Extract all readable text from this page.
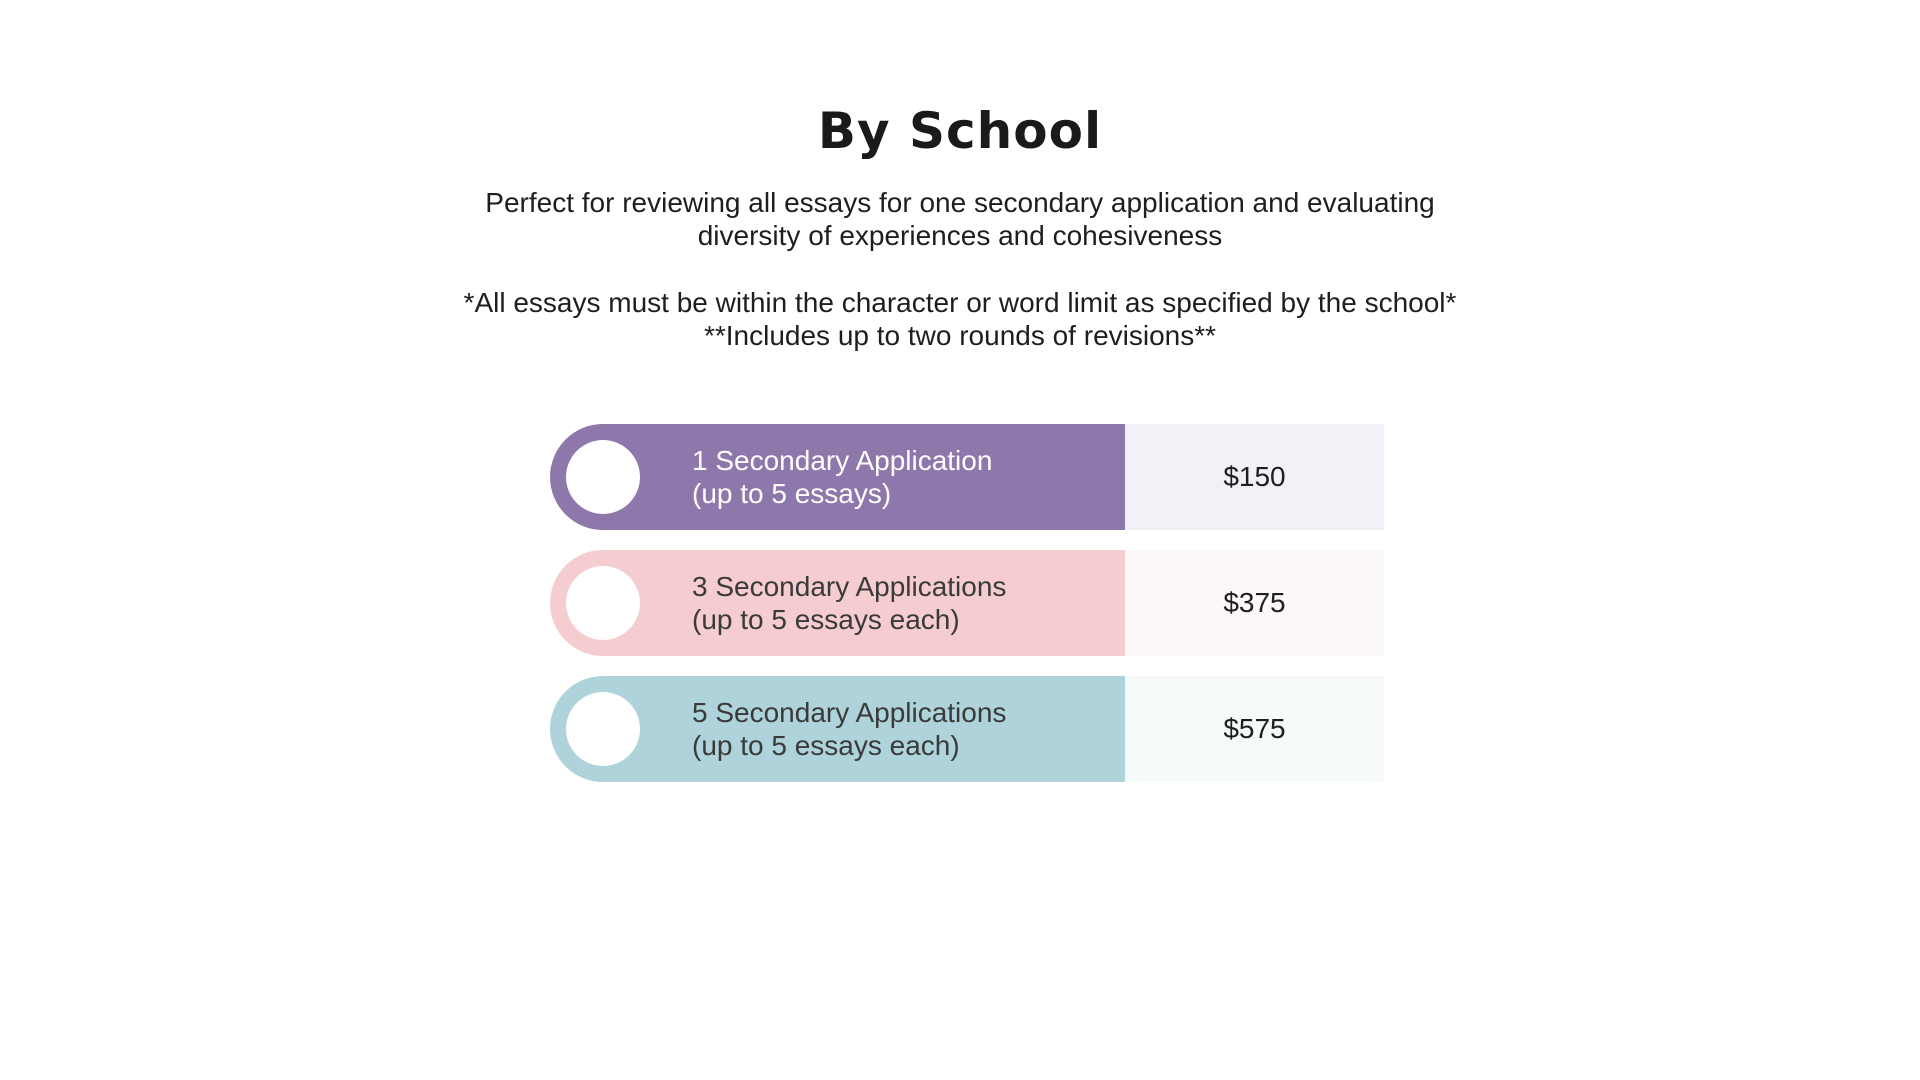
By School
Perfect for reviewing all essays for one secondary application and evaluating
diversity of experiences and cohesiveness
*All essays must be within the character or word limit as specified by the school*
**Includes up to two rounds of revisions**
1 Secondary Application
(up to 5 essays)
$150
3 Secondary Applications
(up to 5 essays each)
$375
5 Secondary Applications
(up to 5 essays each)
$575
